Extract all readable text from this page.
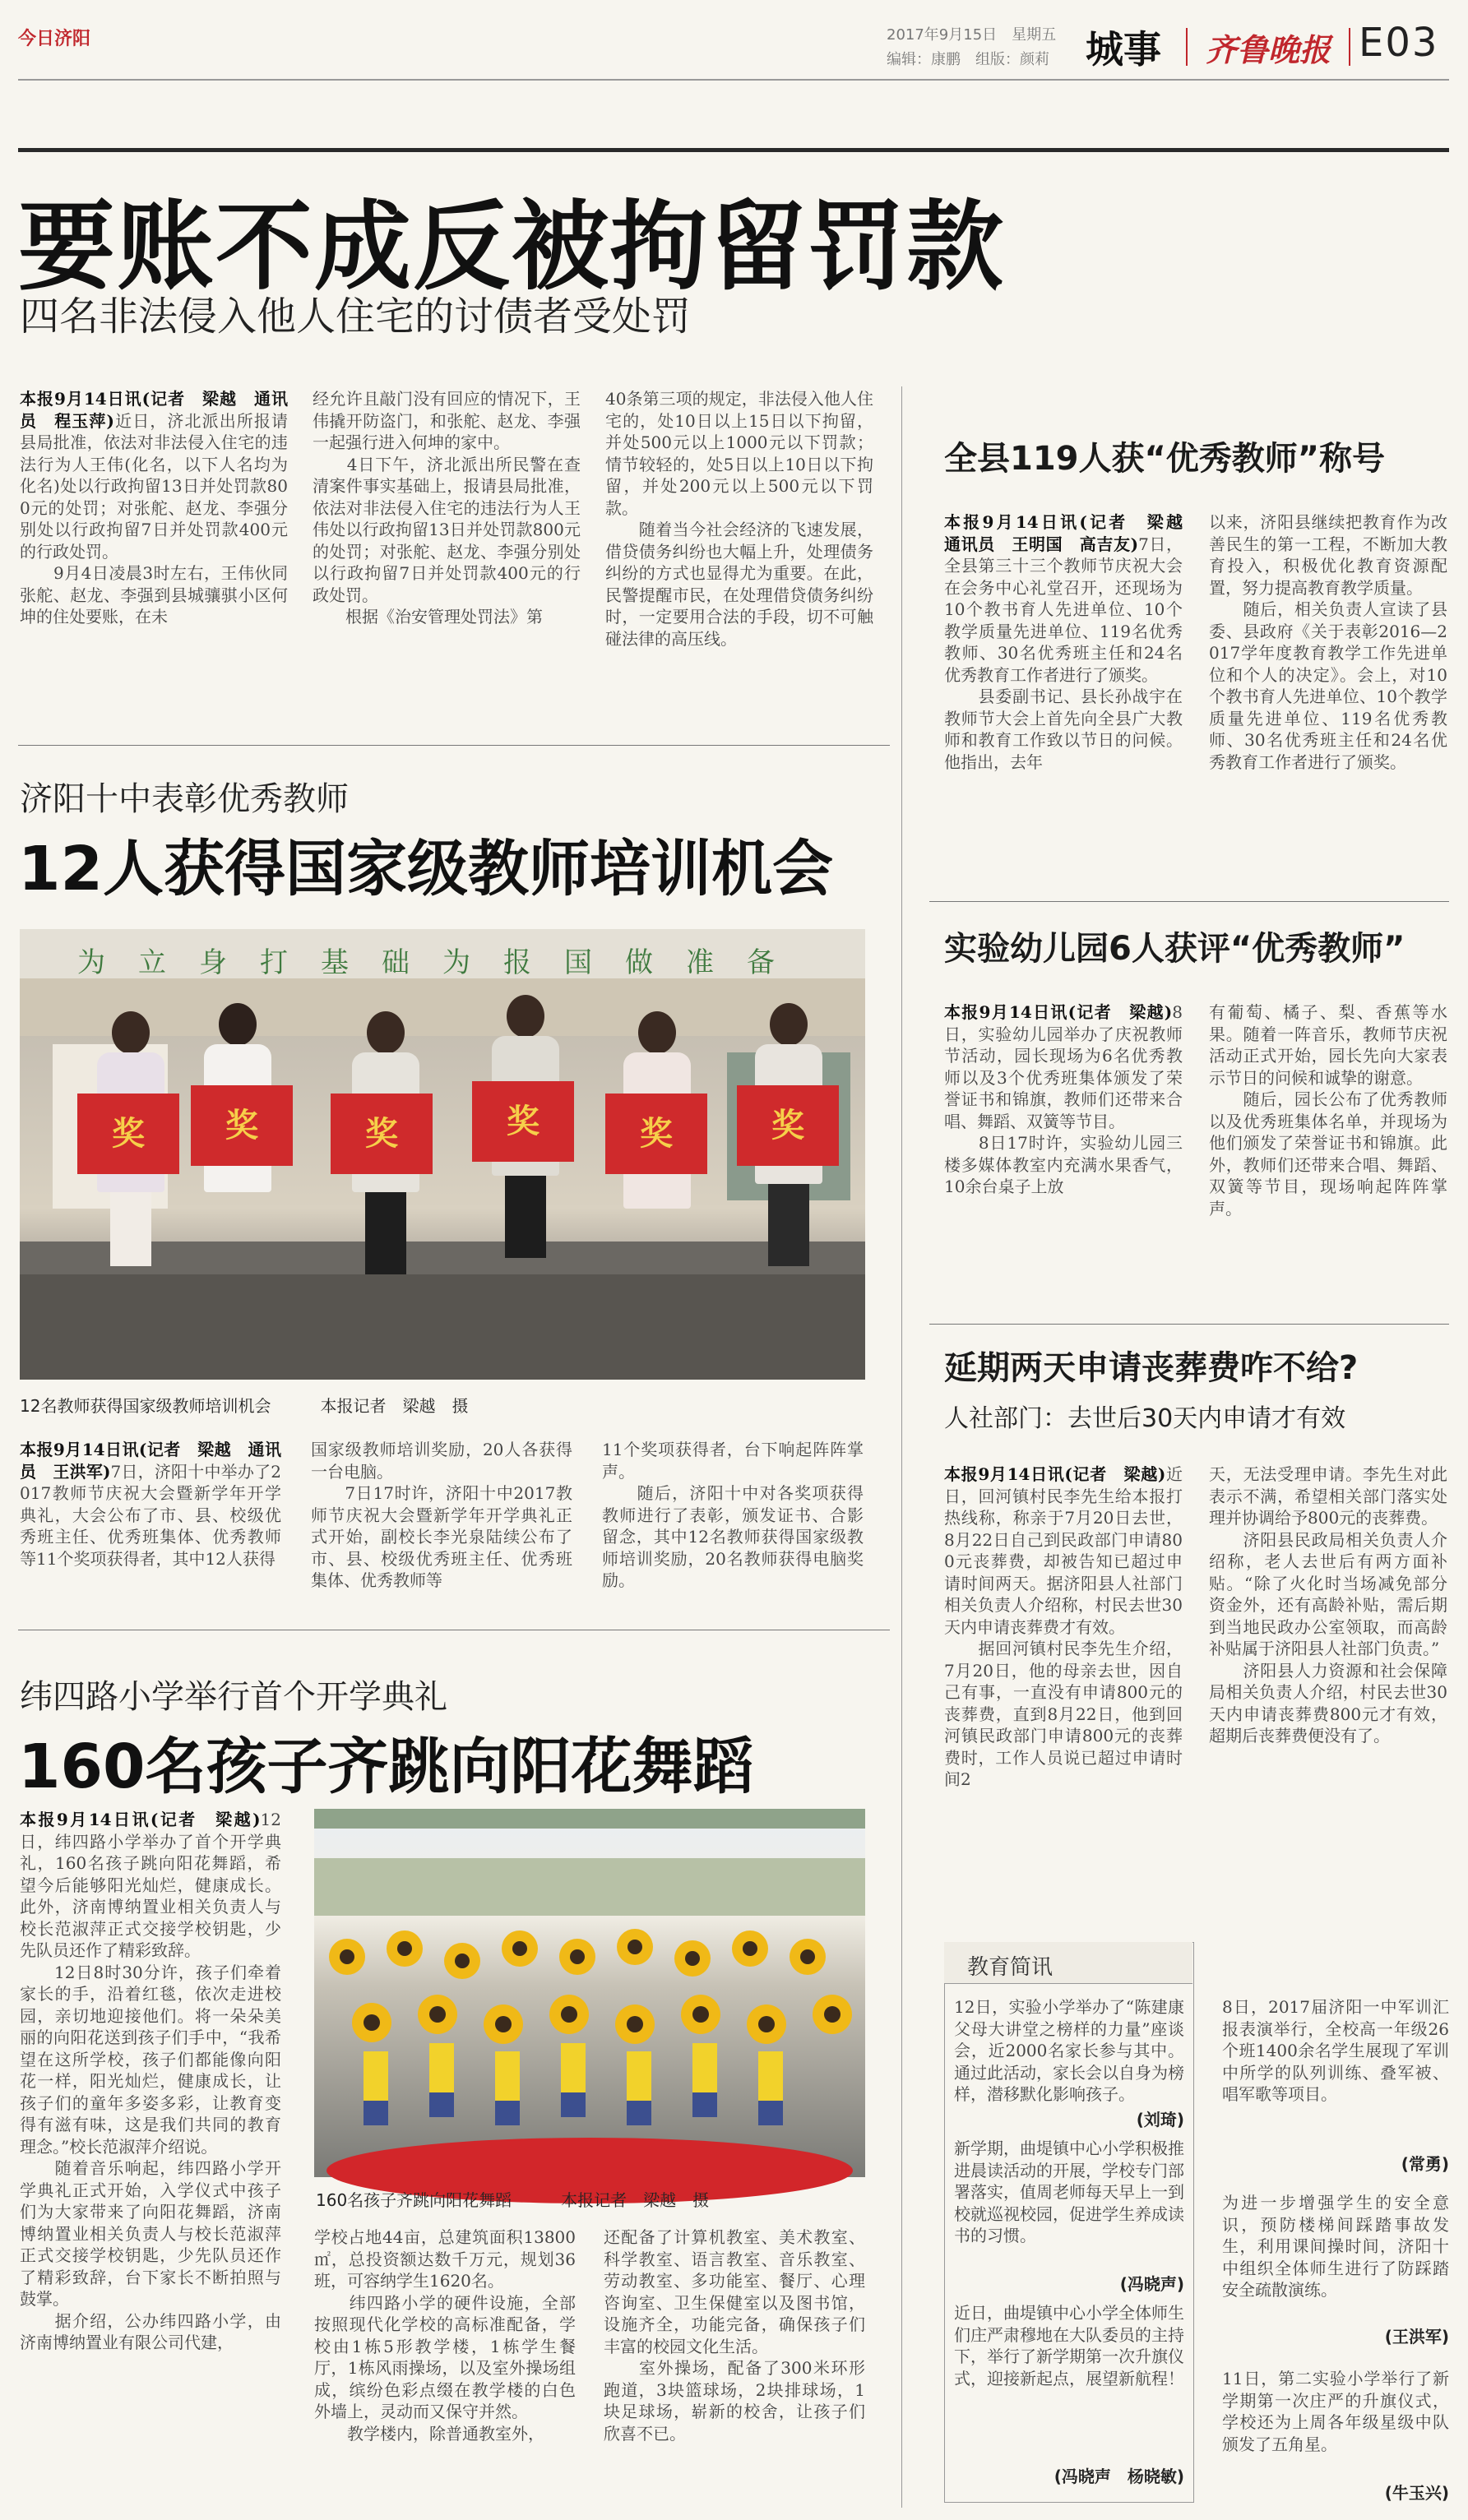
今日济阳	2017年9月15日　星期五
编辑：康鹏　组版：颜莉 城事 齐鲁晚报 E03
要账不成反被拘留罚款
四名非法侵入他人住宅的讨债者受处罚
本报9月14日讯(记者　梁越　通讯员　程玉萍)近日，济北派出所报请县局批准，依法对非法侵入住宅的违法行为人王伟(化名，以下人名均为化名)处以行政拘留13日并处罚款800元的处罚；对张舵、赵龙、李强分别处以行政拘留7日并处罚款400元的行政处罚。
　　9月4日凌晨3时左右，王伟伙同张舵、赵龙、李强到县城骧骐小区何坤的住处要账，在未
经允许且敲门没有回应的情况下，王伟撬开防盗门，和张舵、赵龙、李强一起强行进入何坤的家中。
　　4日下午，济北派出所民警在查清案件事实基础上，报请县局批准，依法对非法侵入住宅的违法行为人王伟处以行政拘留13日并处罚款800元的处罚；对张舵、赵龙、李强分别处以行政拘留7日并处罚款400元的行政处罚。
　　根据《治安管理处罚法》第
40条第三项的规定，非法侵入他人住宅的，处10日以上15日以下拘留，并处500元以上1000元以下罚款；情节较轻的，处5日以上10日以下拘留，并处200元以上500元以下罚款。
　　随着当今社会经济的飞速发展，借贷债务纠纷也大幅上升，处理债务纠纷的方式也显得尤为重要。在此，民警提醒市民，在处理借贷债务纠纷时，一定要用合法的手段，切不可触碰法律的高压线。
济阳十中表彰优秀教师
12人获得国家级教师培训机会
为立身打基础为报国做准备
奖	奖	奖	奖	奖	奖
12名教师获得国家级教师培训机会　　　本报记者　梁越　摄
本报9月14日讯(记者　梁越　通讯员　王洪军)7日，济阳十中举办了2017教师节庆祝大会暨新学年开学典礼，大会公布了市、县、校级优秀班主任、优秀班集体、优秀教师等11个奖项获得者，其中12人获得
国家级教师培训奖励，20人各获得一台电脑。
　　7日17时许，济阳十中2017教师节庆祝大会暨新学年开学典礼正式开始，副校长李光泉陆续公布了市、县、校级优秀班主任、优秀班集体、优秀教师等
11个奖项获得者，台下响起阵阵掌声。
　　随后，济阳十中对各奖项获得教师进行了表彰，颁发证书、合影留念，其中12名教师获得国家级教师培训奖励，20名教师获得电脑奖励。
纬四路小学举行首个开学典礼
160名孩子齐跳向阳花舞蹈
本报9月14日讯(记者　梁越)12日，纬四路小学举办了首个开学典礼，160名孩子跳向阳花舞蹈，希望今后能够阳光灿烂，健康成长。此外，济南博纳置业相关负责人与校长范淑萍正式交接学校钥匙，少先队员还作了精彩致辞。
　　12日8时30分许，孩子们牵着家长的手，沿着红毯，依次走进校园，亲切地迎接他们。将一朵朵美丽的向阳花送到孩子们手中，“我希望在这所学校，孩子们都能像向阳花一样，阳光灿烂，健康成长，让孩子们的童年多姿多彩，让教育变得有滋有味，这是我们共同的教育理念。”校长范淑萍介绍说。
　　随着音乐响起，纬四路小学开学典礼正式开始，入学仪式中孩子们为大家带来了向阳花舞蹈，济南博纳置业相关负责人与校长范淑萍正式交接学校钥匙，少先队员还作了精彩致辞，台下家长不断拍照与鼓掌。
　　据介绍，公办纬四路小学，由济南博纳置业有限公司代建，
160名孩子齐跳向阳花舞蹈　　　本报记者　梁越　摄
学校占地44亩，总建筑面积13800㎡，总投资额达数千万元，规划36班，可容纳学生1620名。
　　纬四路小学的硬件设施，全部按照现代化学校的高标准配备，学校由1栋5形教学楼，1栋学生餐厅，1栋风雨操场，以及室外操场组成，缤纷色彩点缀在教学楼的白色外墙上，灵动而又保守并然。
　　教学楼内，除普通教室外，
还配备了计算机教室、美术教室、科学教室、语言教室、音乐教室、劳动教室、多功能室、餐厅、心理咨询室、卫生保健室以及图书馆，设施齐全，功能完备，确保孩子们丰富的校园文化生活。
　　室外操场，配备了300米环形跑道，3块篮球场，2块排球场，1块足球场，崭新的校舍，让孩子们欣喜不已。
全县119人获“优秀教师”称号
本报9月14日讯(记者　梁越　通讯员　王明国　高吉友)7日，全县第三十三个教师节庆祝大会在会务中心礼堂召开，还现场为10个教书育人先进单位、10个教学质量先进单位、119名优秀教师、30名优秀班主任和24名优秀教育工作者进行了颁奖。
　　县委副书记、县长孙战宇在教师节大会上首先向全县广大教师和教育工作致以节日的问候。他指出，去年
以来，济阳县继续把教育作为改善民生的第一工程，不断加大教育投入，积极优化教育资源配置，努力提高教育教学质量。
　　随后，相关负责人宣读了县委、县政府《关于表彰2016—2017学年度教育教学工作先进单位和个人的决定》。会上，对10个教书育人先进单位、10个教学质量先进单位、119名优秀教师、30名优秀班主任和24名优秀教育工作者进行了颁奖。
实验幼儿园6人获评“优秀教师”
本报9月14日讯(记者　梁越)8日，实验幼儿园举办了庆祝教师节活动，园长现场为6名优秀教师以及3个优秀班集体颁发了荣誉证书和锦旗，教师们还带来合唱、舞蹈、双簧等节目。
　　8日17时许，实验幼儿园三楼多媒体教室内充满水果香气，10余台桌子上放
有葡萄、橘子、梨、香蕉等水果。随着一阵音乐，教师节庆祝活动正式开始，园长先向大家表示节日的问候和诚挚的谢意。
　　随后，园长公布了优秀教师以及优秀班集体名单，并现场为他们颁发了荣誉证书和锦旗。此外，教师们还带来合唱、舞蹈、双簧等节目，现场响起阵阵掌声。
延期两天申请丧葬费咋不给?
人社部门：去世后30天内申请才有效
本报9月14日讯(记者　梁越)近日，回河镇村民李先生给本报打热线称，称亲于7月20日去世，8月22日自己到民政部门申请800元丧葬费，却被告知已超过申请时间两天。据济阳县人社部门相关负责人介绍称，村民去世30天内申请丧葬费才有效。
　　据回河镇村民李先生介绍，7月20日，他的母亲去世，因自己有事，一直没有申请800元的丧葬费，直到8月22日，他到回河镇民政部门申请800元的丧葬费时，工作人员说已超过申请时间2
天，无法受理申请。李先生对此表示不满，希望相关部门落实处理并协调给予800元的丧葬费。
　　济阳县民政局相关负责人介绍称，老人去世后有两方面补贴。“除了火化时当场减免部分资金外，还有高龄补贴，需后期到当地民政办公室领取，而高龄补贴属于济阳县人社部门负责。”
　　济阳县人力资源和社会保障局相关负责人介绍，村民去世30天内申请丧葬费800元才有效，超期后丧葬费便没有了。
教育简讯
12日，实验小学举办了“陈建康父母大讲堂之榜样的力量”座谈会，近2000名家长参与其中。通过此活动，家长会以自身为榜样，潜移默化影响孩子。
(刘琦)
新学期，曲堤镇中心小学积极推进晨读活动的开展，学校专门部署落实，值周老师每天早上一到校就巡视校园，促进学生养成读书的习惯。
(冯晓声)
近日，曲堤镇中心小学全体师生们庄严肃穆地在大队委员的主持下，举行了新学期第一次升旗仪式，迎接新起点，展望新航程！
(冯晓声　杨晓敏)
8日，2017届济阳一中军训汇报表演举行，全校高一年级26个班1400余名学生展现了军训中所学的队列训练、叠军被、唱军歌等项目。
(常勇)
为进一步增强学生的安全意识，预防楼梯间踩踏事故发生，利用课间操时间，济阳十中组织全体师生进行了防踩踏安全疏散演练。
(王洪军)
11日，第二实验小学举行了新学期第一次庄严的升旗仪式，学校还为上周各年级星级中队颁发了五角星。
(牛玉兴)
